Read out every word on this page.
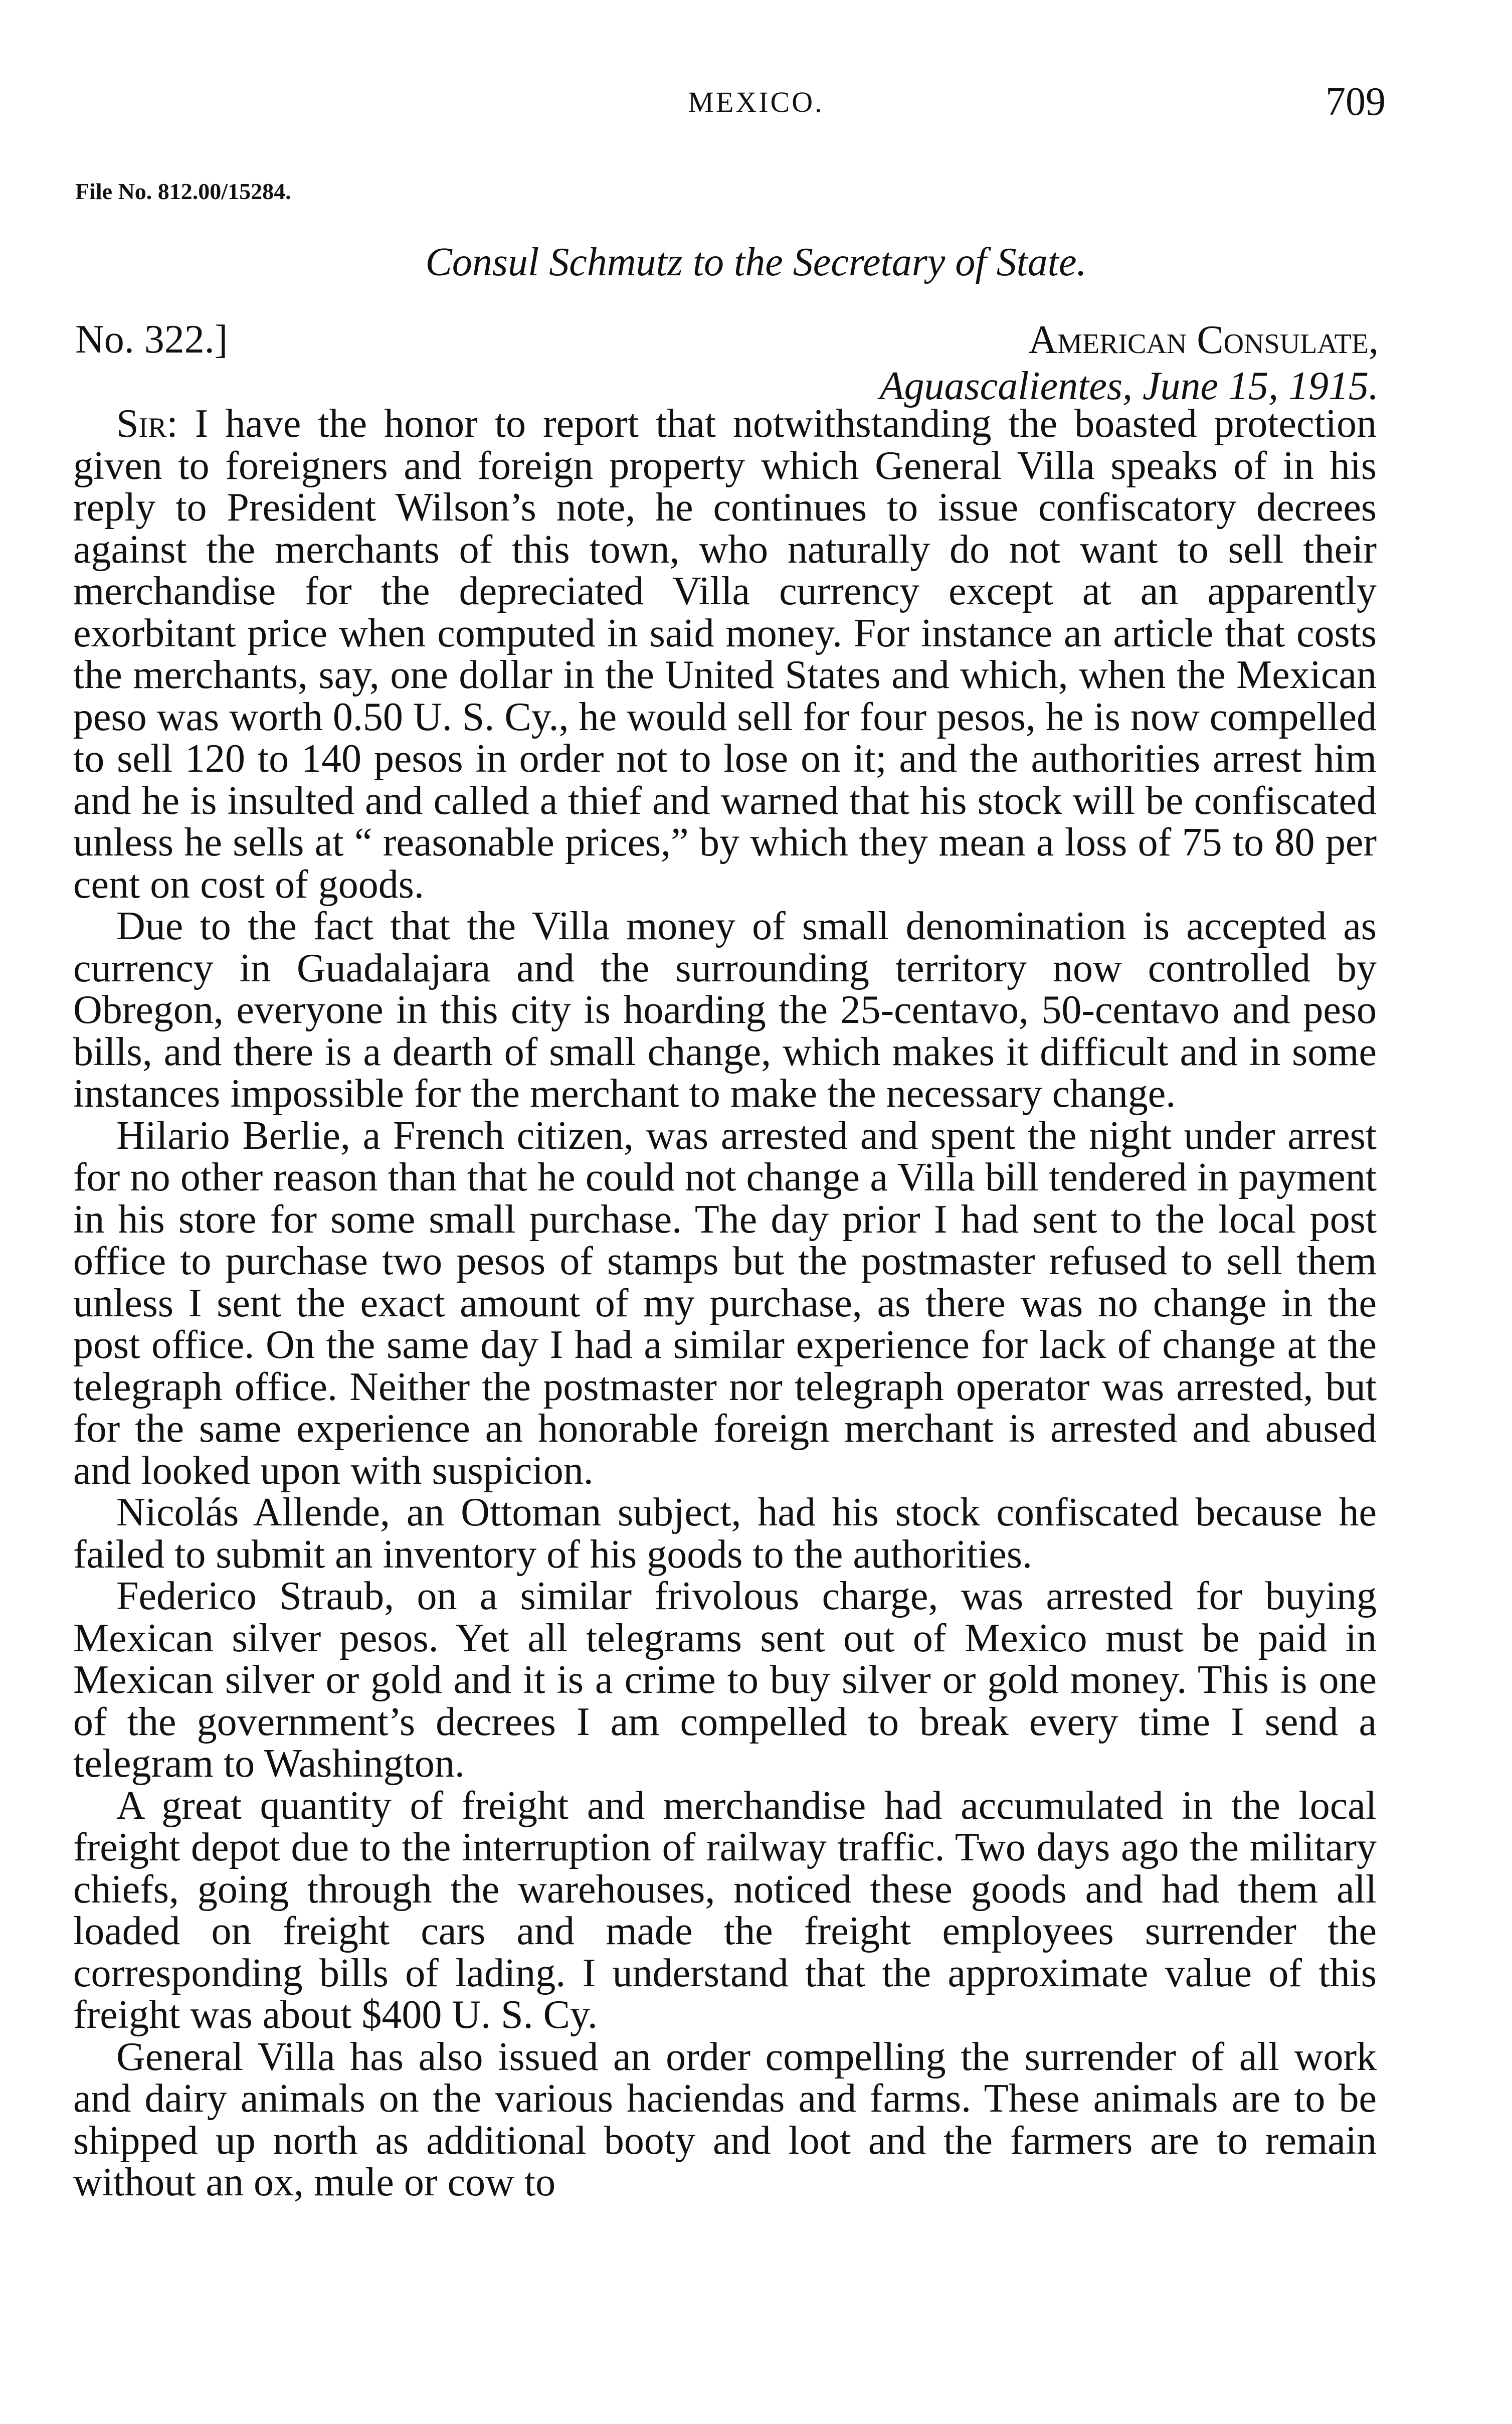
MEXICO.	709
File No. 812.00/15284.
Consul Schmutz to the Secretary of State.
No. 322.]	American Consulate,
Aguascalientes, June 15, 1915.

Sir: I have the honor to report that notwithstanding the boasted protection given to foreigners and foreign property which General Villa speaks of in his reply to President Wilson’s note, he continues to issue confiscatory decrees against the merchants of this town, who naturally do not want to sell their merchandise for the depreciated Villa currency except at an apparently exorbitant price when computed in said money. For instance an article that costs the merchants, say, one dollar in the United States and which, when the Mexican peso was worth 0.50 U. S. Cy., he would sell for four pesos, he is now compelled to sell 120 to 140 pesos in order not to lose on it; and the authorities arrest him and he is insulted and called a thief and warned that his stock will be confiscated unless he sells at “ reasonable prices,” by which they mean a loss of 75 to 80 per cent on cost of goods.

Due to the fact that the Villa money of small denomination is accepted as currency in Guadalajara and the surrounding territory now controlled by Obregon, everyone in this city is hoarding the 25-centavo, 50-centavo and peso bills, and there is a dearth of small change, which makes it difficult and in some instances impossible for the merchant to make the necessary change.

Hilario Berlie, a French citizen, was arrested and spent the night under arrest for no other reason than that he could not change a Villa bill tendered in payment in his store for some small purchase. The day prior I had sent to the local post office to purchase two pesos of stamps but the postmaster refused to sell them unless I sent the exact amount of my purchase, as there was no change in the post office. On the same day I had a similar experience for lack of change at the telegraph office. Neither the postmaster nor telegraph operator was arrested, but for the same experience an honorable foreign merchant is arrested and abused and looked upon with suspicion.

Nicolás Allende, an Ottoman subject, had his stock confiscated because he failed to submit an inventory of his goods to the authorities.

Federico Straub, on a similar frivolous charge, was arrested for buying Mexican silver pesos. Yet all telegrams sent out of Mexico must be paid in Mexican silver or gold and it is a crime to buy silver or gold money. This is one of the government’s decrees I am compelled to break every time I send a telegram to Washington.

A great quantity of freight and merchandise had accumulated in the local freight depot due to the interruption of railway traffic. Two days ago the military chiefs, going through the warehouses, noticed these goods and had them all loaded on freight cars and made the freight employees surrender the corresponding bills of lading. I understand that the approximate value of this freight was about $400 U. S. Cy.

General Villa has also issued an order compelling the surrender of all work and dairy animals on the various haciendas and farms. These animals are to be shipped up north as additional booty and loot and the farmers are to remain without an ox, mule or cow to
